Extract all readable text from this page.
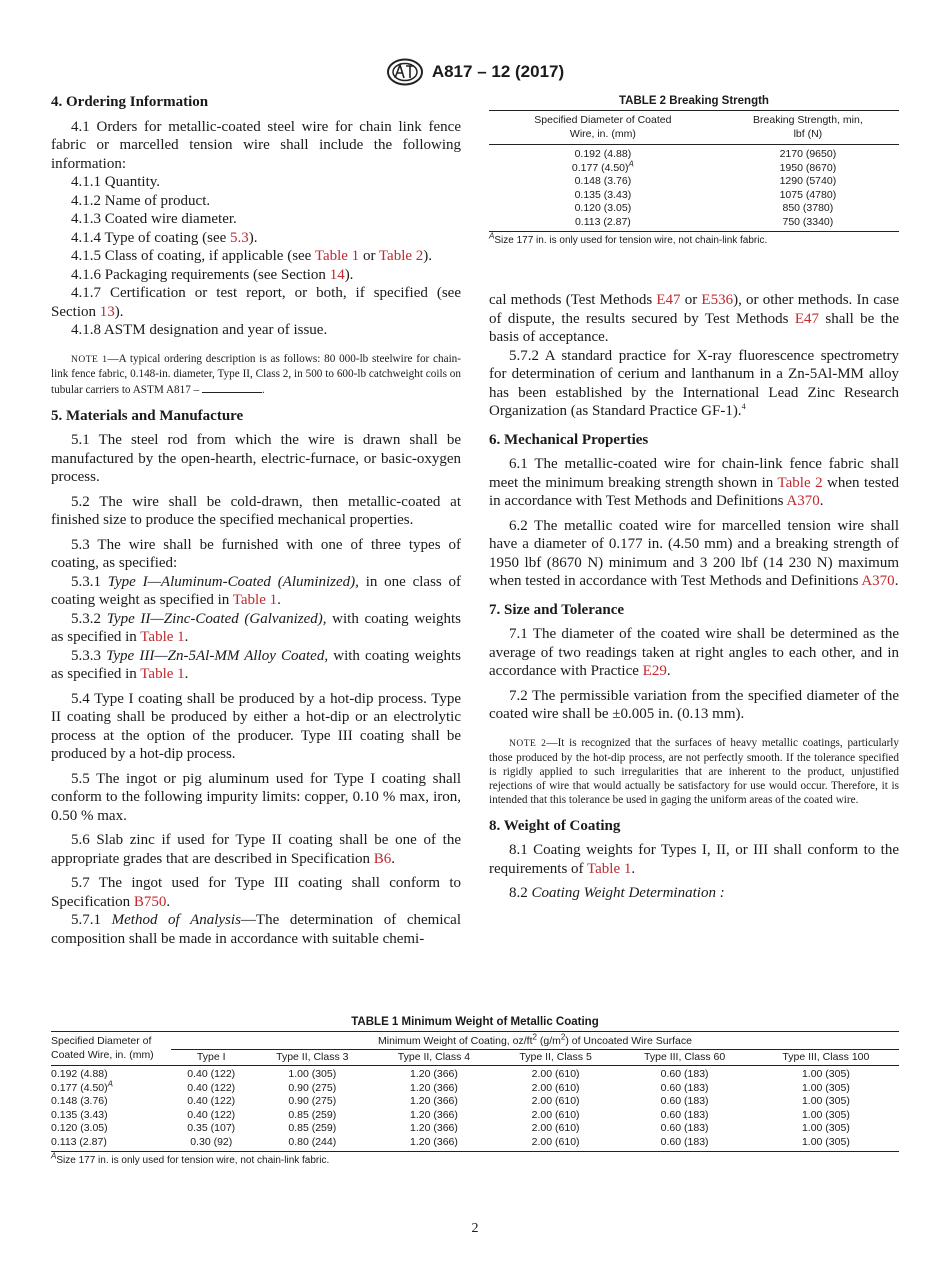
A817 – 12 (2017)
TABLE 2 Breaking Strength
Specified Diameter of Coated
Wire, in. (mm)	Breaking Strength, min,
lbf (N)
0.192 (4.88)	2170 (9650)
0.177 $(4.50)^A$	1950 (8670)
0.148 (3.76)	1290 (5740)
0.135 (3.43)	1075 (4780)
0.120 (3.05)	850 (3780)
0.113 (2.87)	750 (3340)
$^A$Size 177 in. is only used for tension wire, not chain-link fabric.
4. Ordering Information

4.1 Orders for metallic-coated steel wire for chain link fence fabric or marcelled tension wire shall include the following information:

4.1.1 Quantity.

4.1.2 Name of product.

4.1.3 Coated wire diameter.

4.1.4 Type of coating (see 5.3).

4.1.5 Class of coating, if applicable (see Table 1 or Table 2).

4.1.6 Packaging requirements (see Section 14).

4.1.7 Certification or test report, or both, if specified (see Section 13).

4.1.8 ASTM designation and year of issue.

NOTE 1—A typical ordering description is as follows: 80 000-lb steelwire for chain-link fence fabric, 0.148-in. diameter, Type II, Class 2, in 500 to 600-lb catchweight coils on tubular carriers to ASTM A817 –	.

5. Materials and Manufacture

5.1 The steel rod from which the wire is drawn shall be manufactured by the open-hearth, electric-furnace, or basic-oxygen process.

5.2 The wire shall be cold-drawn, then metallic-coated at finished size to produce the specified mechanical properties.

5.3 The wire shall be furnished with one of three types of coating, as specified:

5.3.1 Type I—Aluminum-Coated (Aluminized), in one class of coating weight as specified in Table 1.

5.3.2 Type II—Zinc-Coated (Galvanized), with coating weights as specified in Table 1.

5.3.3 Type III—Zn-5Al-MM Alloy Coated, with coating weights as specified in Table 1.

5.4 Type I coating shall be produced by a hot-dip process. Type II coating shall be produced by either a hot-dip or an electrolytic process at the option of the producer. Type III coating shall be produced by a hot-dip process.

5.5 The ingot or pig aluminum used for Type I coating shall conform to the following impurity limits: copper, 0.10 % max, iron, 0.50 % max.

5.6 Slab zinc if used for Type II coating shall be one of the appropriate grades that are described in Specification B6.

5.7 The ingot used for Type III coating shall conform to Specification B750.

5.7.1 Method of Analysis—The determination of chemical composition shall be made in accordance with suitable chemi-

cal methods (Test Methods E47 or E536), or other methods. In case of dispute, the results secured by Test Methods E47 shall be the basis of acceptance.

5.7.2 A standard practice for X-ray fluorescence spectrometry for determination of cerium and lanthanum in a Zn-5Al-MM alloy has been established by the International Lead Zinc Research Organization (as Standard Practice GF-1).$^4$

6. Mechanical Properties

6.1 The metallic-coated wire for chain-link fence fabric shall meet the minimum breaking strength shown in Table 2 when tested in accordance with Test Methods and Definitions A370.

6.2 The metallic coated wire for marcelled tension wire shall have a diameter of 0.177 in. (4.50 mm) and a breaking strength of 1950 lbf (8670 N) minimum and 3 200 lbf (14 230 N) maximum when tested in accordance with Test Methods and Definitions A370.

7. Size and Tolerance

7.1 The diameter of the coated wire shall be determined as the average of two readings taken at right angles to each other, and in accordance with Practice E29.

7.2 The permissible variation from the specified diameter of the coated wire shall be ±0.005 in. (0.13 mm).

NOTE 2—It is recognized that the surfaces of heavy metallic coatings, particularly those produced by the hot-dip process, are not perfectly smooth. If the tolerance specified is rigidly applied to such irregularities that are inherent to the product, unjustified rejections of wire that would actually be satisfactory for use would occur. Therefore, it is intended that this tolerance be used in gaging the uniform areas of the coated wire.

8. Weight of Coating

8.1 Coating weights for Types I, II, or III shall conform to the requirements of Table 1.

8.2 Coating Weight Determination :

TABLE 1 Minimum Weight of Metallic Coating
Specified Diameter of
Coated Wire, in. (mm)	Minimum Weight of Coating, $oz/ft^2$ $(g/m^2)$ of Uncoated Wire Surface					
	Type I	Type II, Class 3	Type II, Class 4	Type II, Class 5	Type III, Class 60	Type III, Class 100
0.192 (4.88)	0.40 (122)	1.00 (305)	1.20 (366)	2.00 (610)	0.60 (183)	1.00 (305)
0.177 $(4.50)^A$	0.40 (122)	0.90 (275)	1.20 (366)	2.00 (610)	0.60 (183)	1.00 (305)
0.148 (3.76)	0.40 (122)	0.90 (275)	1.20 (366)	2.00 (610)	0.60 (183)	1.00 (305)
0.135 (3.43)	0.40 (122)	0.85 (259)	1.20 (366)	2.00 (610)	0.60 (183)	1.00 (305)
0.120 (3.05)	0.35 (107)	0.85 (259)	1.20 (366)	2.00 (610)	0.60 (183)	1.00 (305)
0.113 (2.87)	0.30 (92)	0.80 (244)	1.20 (366)	2.00 (610)	0.60 (183)	1.00 (305)
$^A$Size 177 in. is only used for tension wire, not chain-link fabric.
2
